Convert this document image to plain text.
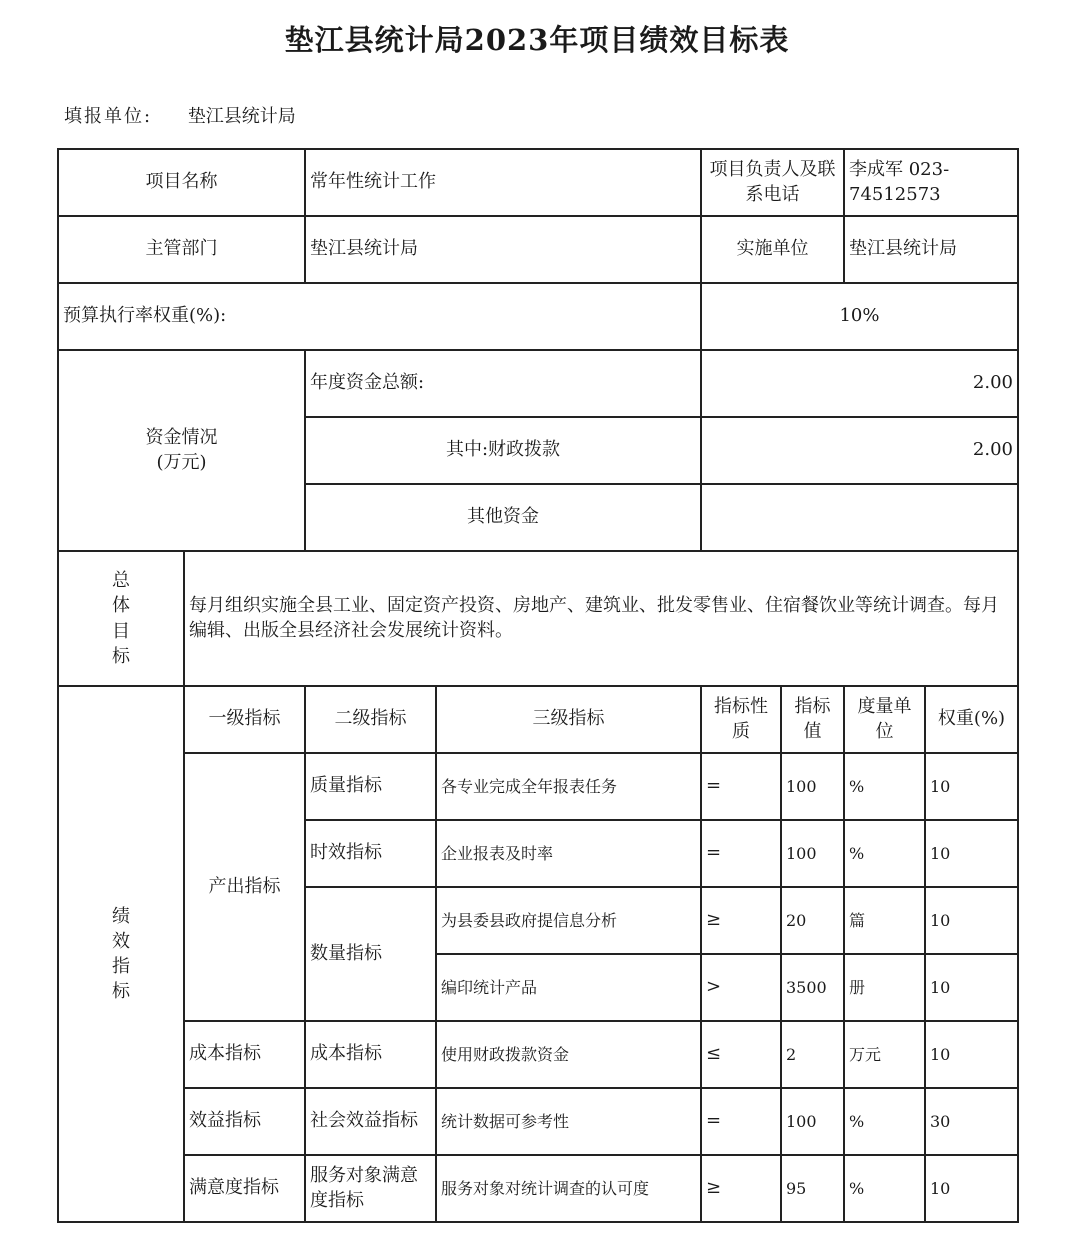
垫江县统计局2023年项目绩效目标表
填报单位: 垫江县统计局
项目名称		常年性统计工作		项目负责人及联系电话		李成军 023-74512573	
主管部门		垫江县统计局		实施单位		垫江县统计局	
预算执行率权重(%):				10%			

资金情况
(万元)		年度资金总额:		2.00			
		其中:财政拨款		2.00			
		其他资金					

总
体
目
标	每月组织实施全县工业、固定资产投资、房地产、建筑业、批发零售业、住宿餐饮业等统计调查。每月编辑、出版全县经济社会发展统计资料。						

绩
效
指
标	一级指标	二级指标	三级指标	指标性质	指标值	度量单位	权重(%)
	产出指标	质量指标	各专业完成全年报表任务	=	100	%	10
		时效指标	企业报表及时率	=	100	%	10
		数量指标	为县委县政府提信息分析	≥	20	篇	10
			编印统计产品	>	3500	册	10
	成本指标	成本指标	使用财政拨款资金	≤	2	万元	10
	效益指标	社会效益指标	统计数据可参考性	=	100	%	30
	满意度指标	服务对象满意度指标	服务对象对统计调查的认可度	≥	95	%	10
